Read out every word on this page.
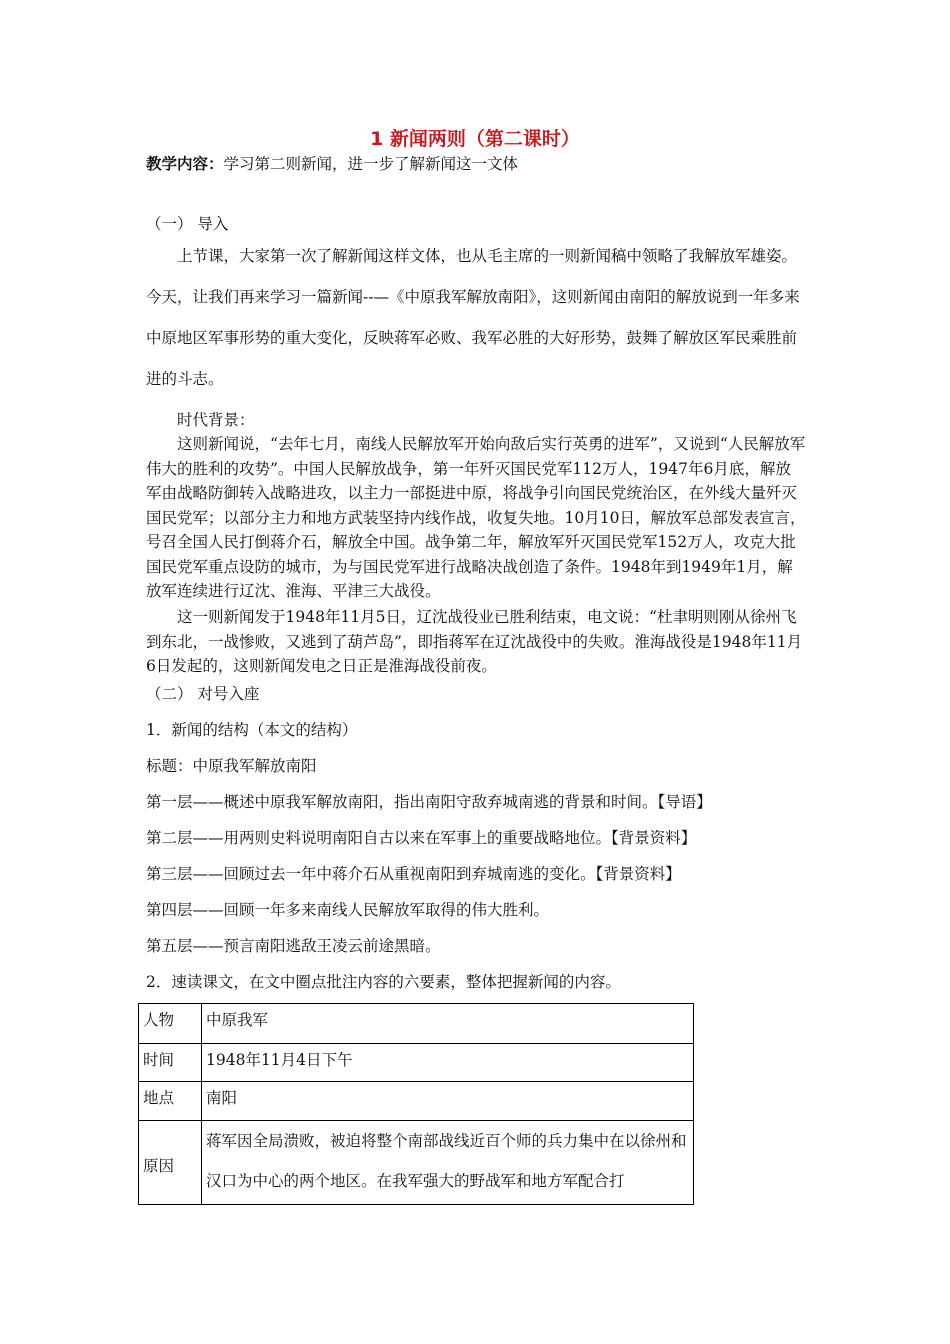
1 新闻两则（第二课时）
教学内容：学习第二则新闻，进一步了解新闻这一文体
（一） 导入
上节课，大家第一次了解新闻这样文体，也从毛主席的一则新闻稿中领略了我解放军雄姿。今天，让我们再来学习一篇新闻--—《中原我军解放南阳》，这则新闻由南阳的解放说到一年多来中原地区军事形势的重大变化，反映蒋军必败、我军必胜的大好形势，鼓舞了解放区军民乘胜前进的斗志。
时代背景：
这则新闻说，“去年七月，南线人民解放军开始向敌后实行英勇的进军”，又说到“人民解放军伟大的胜利的攻势”。中国人民解放战争，第一年歼灭国民党军112万人，1947年6月底，解放军由战略防御转入战略进攻，以主力一部挺进中原，将战争引向国民党统治区，在外线大量歼灭国民党军；以部分主力和地方武装坚持内线作战，收复失地。10月10日，解放军总部发表宣言，号召全国人民打倒蒋介石，解放全中国。战争第二年，解放军歼灭国民党军152万人，攻克大批国民党军重点设防的城市，为与国民党军进行战略决战创造了条件。1948年到1949年1月，解放军连续进行辽沈、淮海、平津三大战役。
这一则新闻发于1948年11月5日，辽沈战役业已胜利结束，电文说：“杜聿明则刚从徐州飞到东北，一战惨败，又逃到了葫芦岛”，即指蒋军在辽沈战役中的失败。淮海战役是1948年11月6日发起的，这则新闻发电之日正是淮海战役前夜。
（二） 对号入座
1．新闻的结构（本文的结构）
标题：中原我军解放南阳
第一层——概述中原我军解放南阳，指出南阳守敌弃城南逃的背景和时间。【导语】
第二层——用两则史料说明南阳自古以来在军事上的重要战略地位。【背景资料】
第三层——回顾过去一年中蒋介石从重视南阳到弃城南逃的变化。【背景资料】
第四层——回顾一年多来南线人民解放军取得的伟大胜利。
第五层——预言南阳逃敌王凌云前途黑暗。
2．速读课文，在文中圈点批注内容的六要素，整体把握新闻的内容。
人物	中原我军
时间	1948年11月4日下午
地点	南阳
原因	蒋军因全局溃败，被迫将整个南部战线近百个师的兵力集中在以徐州和汉口为中心的两个地区。在我军强大的野战军和地方军配合打
